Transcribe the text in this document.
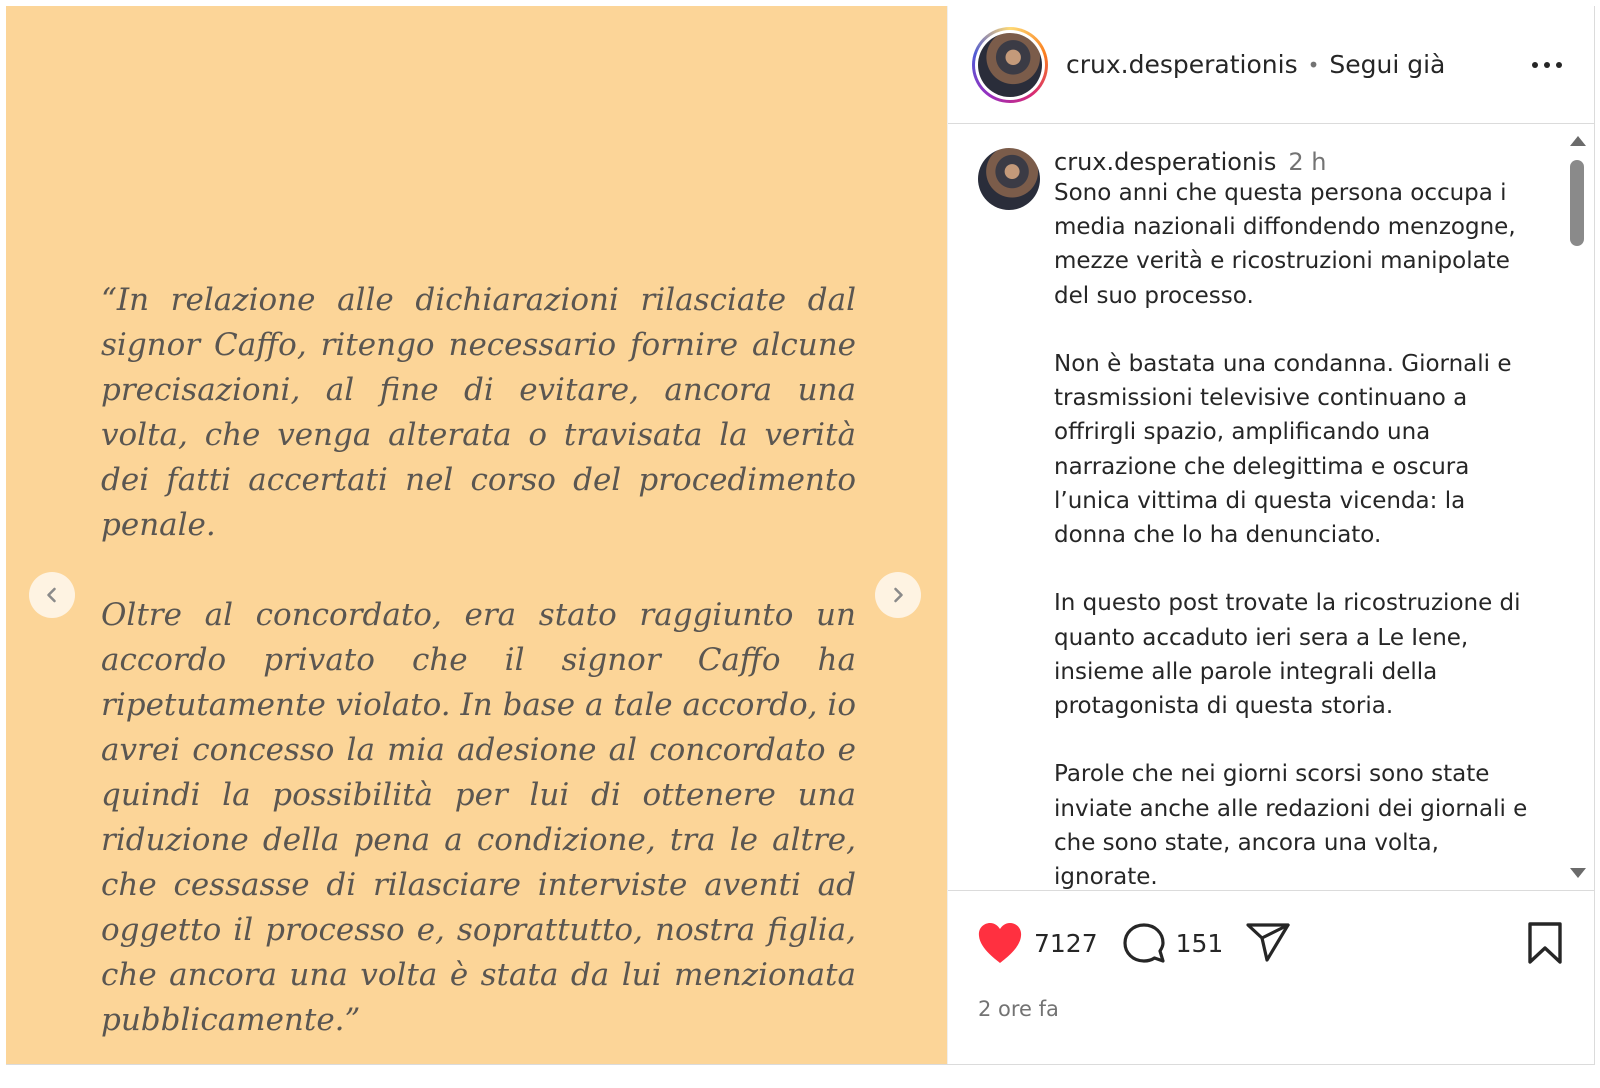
“In relazione alle dichiarazioni rilasciate dal signor Caffo, ritengo necessario fornire alcune precisazioni, al fine di evitare, ancora una volta, che venga alterata o travisata la verità dei fatti accertati nel corso del procedimento penale.

Oltre al concordato, era stato raggiunto un accordo privato che il signor Caffo ha ripetutamente violato. In base a tale accordo, io avrei concesso la mia adesione al concordato e quindi la possibilità per lui di ottenere una riduzione della pena a condizione, tra le altre, che cessasse di rilasciare interviste aventi ad oggetto il processo e, soprattutto, nostra figlia, che ancora una volta è stata da lui menzionata pubblicamente.”

crux.desperationis • Segui già
crux.desperationis 2 h

Sono anni che questa persona occupa i media nazionali diffondendo menzogne, mezze verità e ricostruzioni manipolate del suo processo.

Non è bastata una condanna. Giornali e trasmissioni televisive continuano a offrirgli spazio, amplificando una narrazione che delegittima e oscura l’unica vittima di questa vicenda: la donna che lo ha denunciato.

In questo post trovate la ricostruzione di quanto accaduto ieri sera a Le Iene, insieme alle parole integrali della protagonista di questa storia.

Parole che nei giorni scorsi sono state inviate anche alle redazioni dei giornali e che sono state, ancora una volta, ignorate.

7127	151
2 ore fa
